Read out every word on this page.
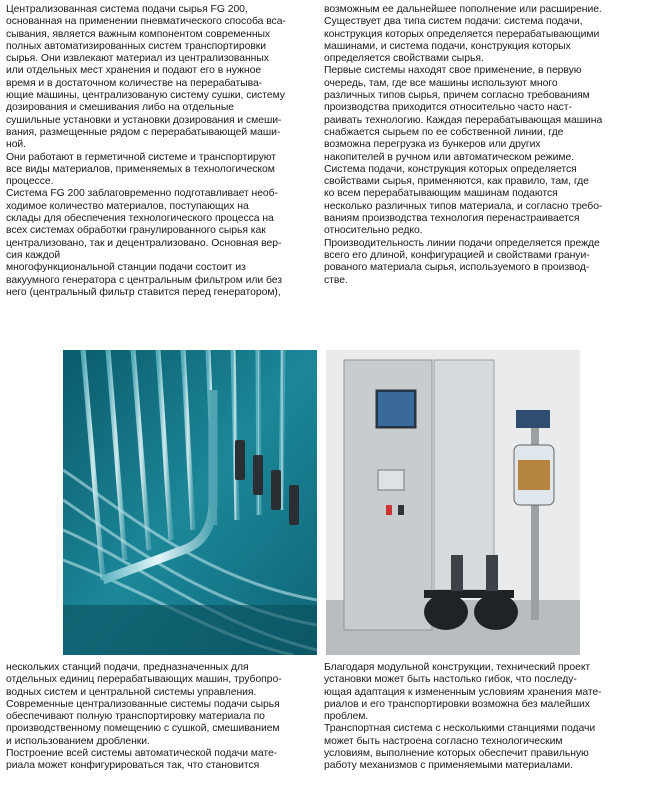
Централизованная система подачи сырья FG 200,
основанная на применении пневматического способа вса-
сывания, является важным компонентом современных
полных автоматизированных систем транспортировки
сырья. Они извлекают материал из централизованных
или отдельных мест хранения и подают его в нужное
время и в достаточном количестве на перерабатыва-
ющие машины, централизованую систему сушки, систему
дозирования и смешивания либо на отдельные
сушильные установки и установки дозирования и смеши-
вания, размещенные рядом с перерабатывающей маши-
ной.

Они работают в герметичной системе и транспортируют
все виды материалов, применяемых в технологическом
процессе.

Система FG 200 заблаговременно подготавливает необ-
ходимое количество материалов, поступающих на
склады для обеспечения технологического процесса на
всех системах обработки гранулированного сырья как
централизовано, так и децентрализовано. Основная вер-
сия каждой
многофункциональной станции подачи состоит из
вакуумного генератора с центральным фильтром или без
него (центральный фильтр ставится перед генератором),

возможным ее дальнейшее пополнение или расширение.
Существует два типа систем подачи: система подачи,
конструкция которых определяется перерабатывающими
машинами, и система подачи, конструкция которых
определяется свойствами сырья.

Первые системы находят свое применение, в первую
очередь, там, где все машины используют много
различных типов сырья, причем согласно требованиям
производства приходится относительно часто наст-
раивать технологию. Каждая перерабатывающая машина
снабжается сырьем по ее собственной линии, где
возможна перегрузка из бункеров или других
накопителей в ручном или автоматическом режиме.
Система подачи, конструкция которых определяется
свойствами сырья, применяются, как правило, там, где
ко всем перерабатывающим машинам подаются
несколько различных типов материала, и согласно требо-
ваниям производства технология перенастраивается
относительно редко.

Производительность линии подачи определяется прежде
всего его длиной, конфигурацией и свойствами грануи-
рованого материала сырья, используемого в производ-
стве.

нескольких станций подачи, предназначенных для
отдельных единиц перерабатывающих машин, трубопро-
водных систем и центральной системы управления.

Современные централизованные системы подачи сырья
обеспечивают полную транспортировку материала по
производственному помещению с сушкой, смешиванием
и использованием дробленки.

Построение всей системы автоматической подачи мате-
риала может конфигурироваться так, что становится

Благодаря модульной конструкции, технический проект
установки может быть настолько гибок, что последу-
ющая адаптация к измененным условиям хранения мате-
риалов и его транспортировки возможна без малейших
проблем.

Транспортная система с несколькими станциями подачи
может быть настроена согласно технологическим
условиям, выполнение которых обеспечит правильную
работу механизмов с применяемыми материалами.
